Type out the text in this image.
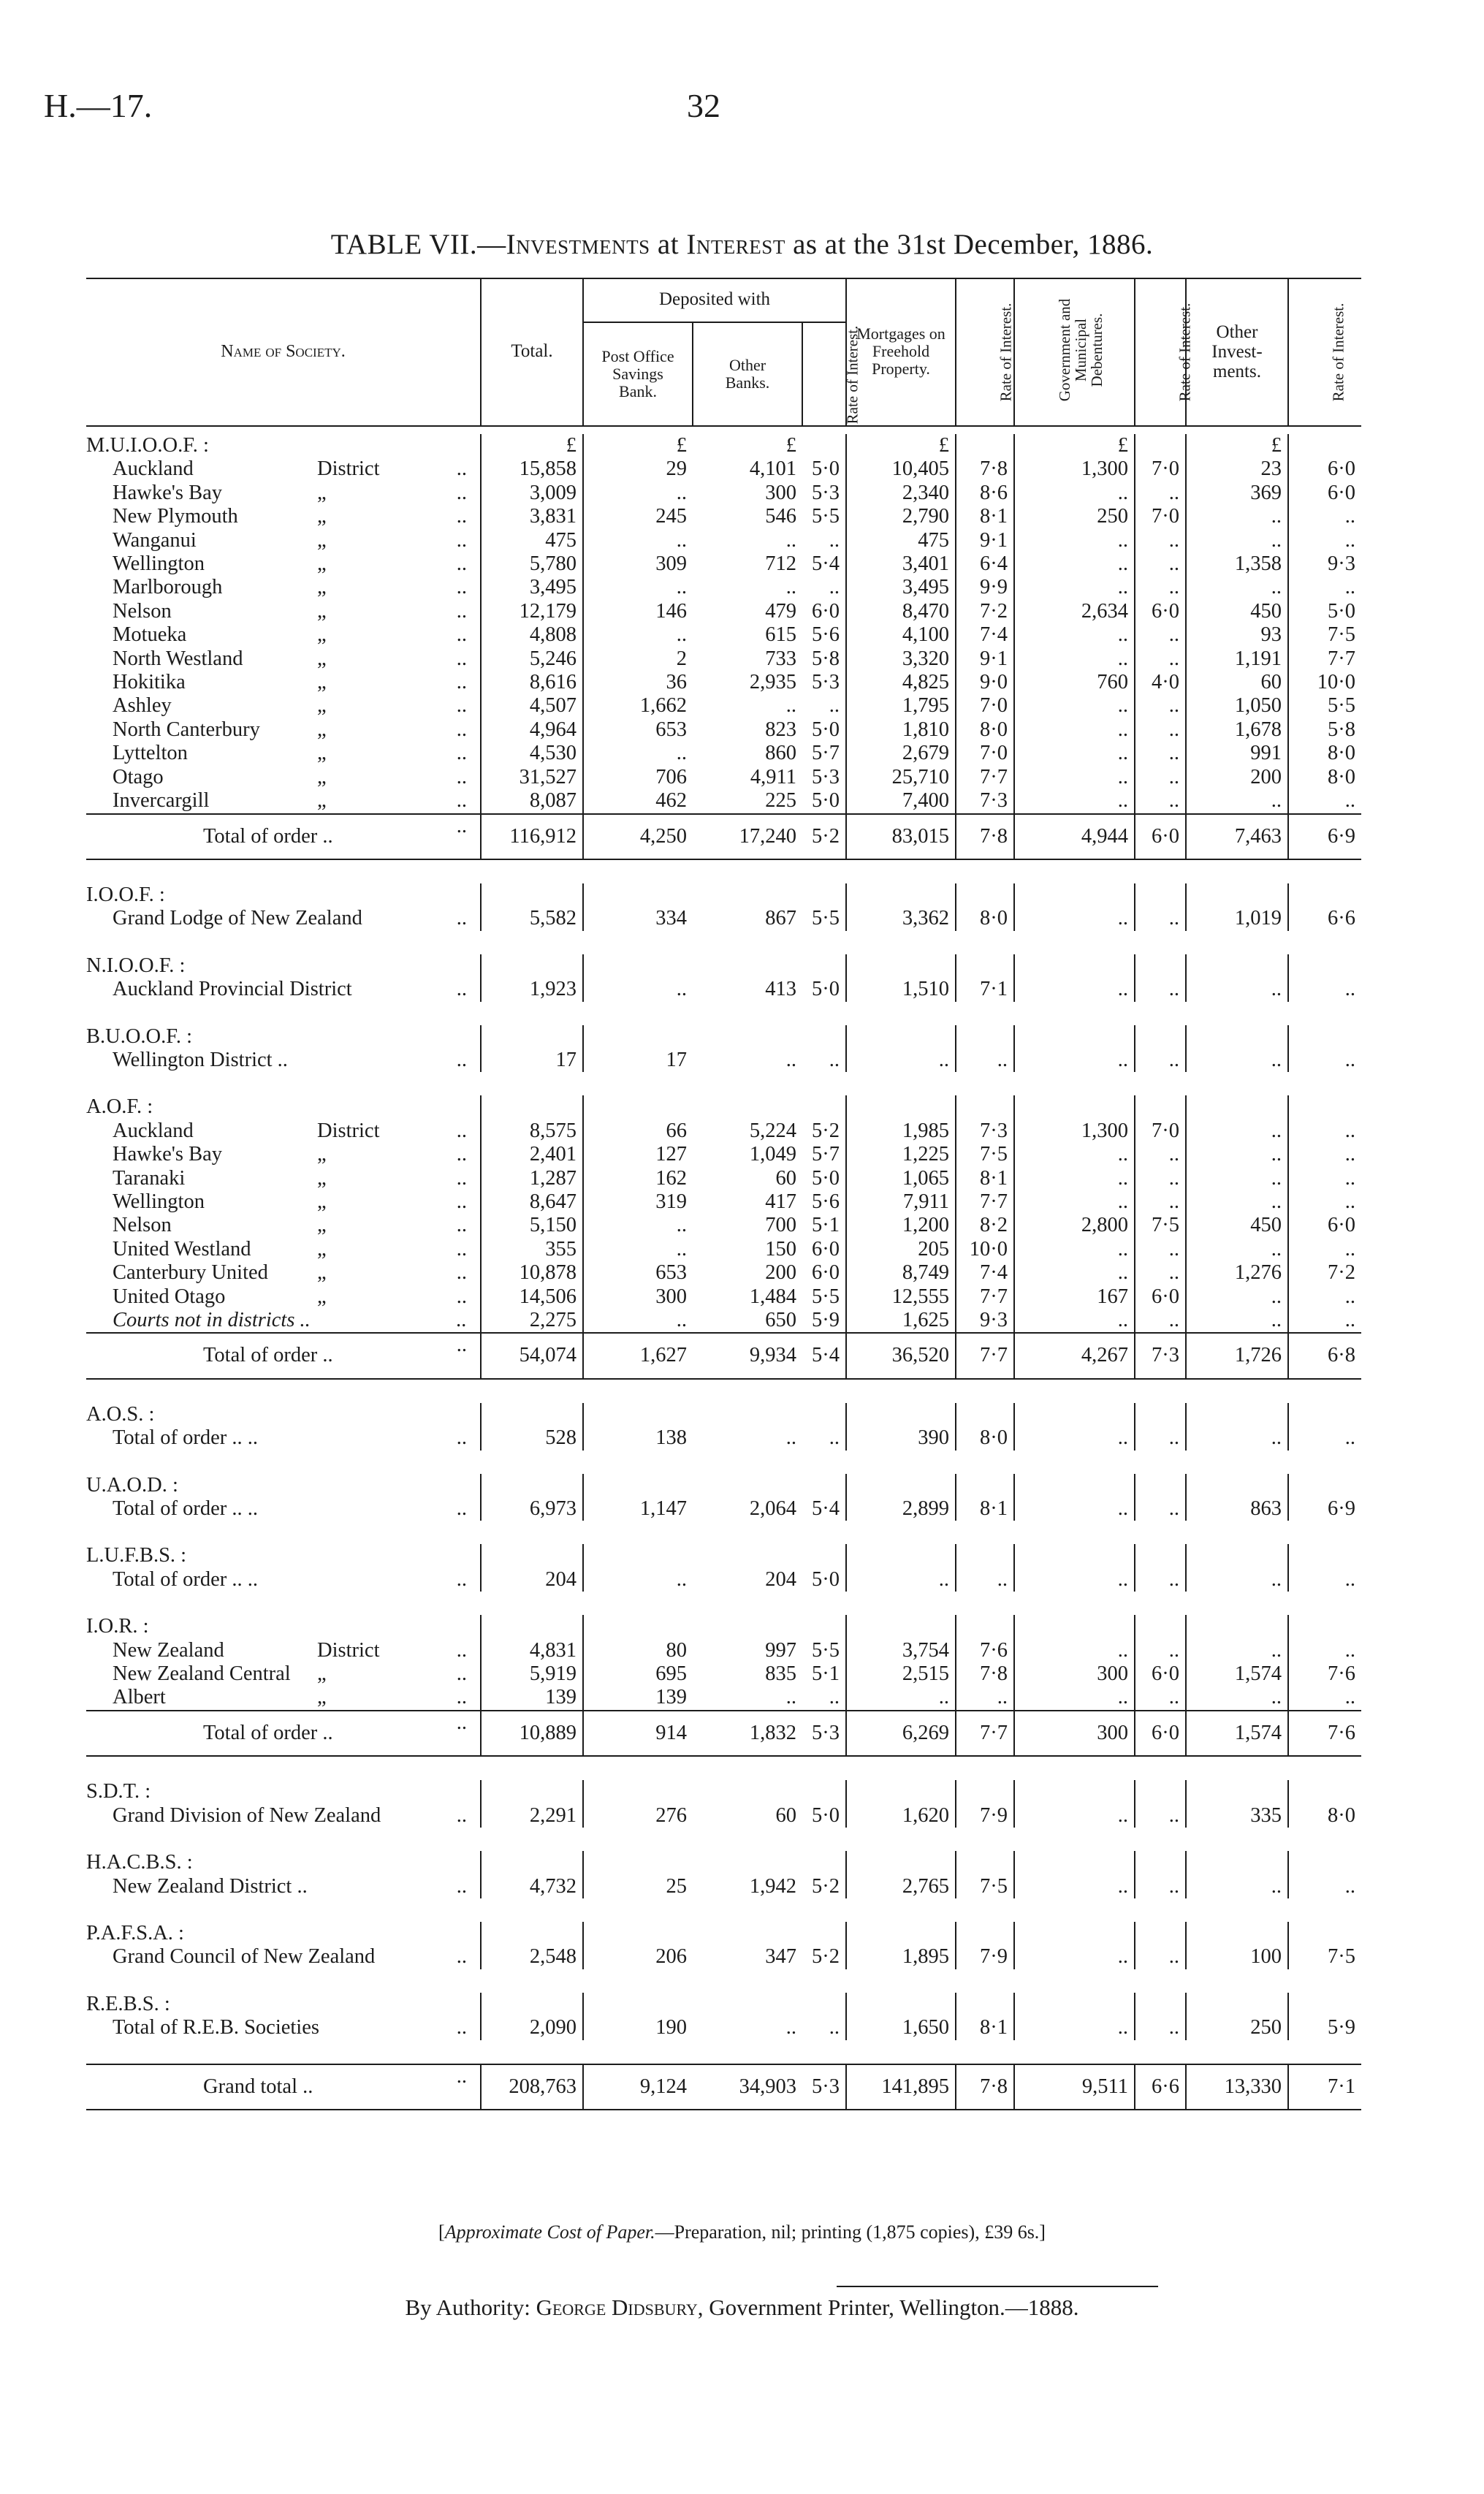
H.—17.	32
TABLE VII.—Investments at Interest as at the 31st December, 1886.
Name of Society.	Total.	Deposited with			Mortgages on Freehold Property.	Rate of Interest.	Government and Municipal Debentures.	Rate of Interest.	Other Invest- ments.	Rate of Interest.
		Post Office Savings Bank.	Other Banks.	Rate of Interest.						

M.U.I.O.O.F. :	£	£	£		£		£		£	
Auckland District ..	15,858	29	4,101	5·0	10,405	7·8	1,300	7·0	23	6·0
Hawke's Bay „ ..	3,009	..	300	5·3	2,340	8·6	..	..	369	6·0
New Plymouth „ ..	3,831	245	546	5·5	2,790	8·1	250	7·0	..	..
Wanganui „ ..	475	..	..	..	475	9·1	..	..	..	..
Wellington „ ..	5,780	309	712	5·4	3,401	6·4	..	..	1,358	9·3
Marlborough „ ..	3,495	..	..	..	3,495	9·9	..	..	..	..
Nelson „ ..	12,179	146	479	6·0	8,470	7·2	2,634	6·0	450	5·0
Motueka „ ..	4,808	..	615	5·6	4,100	7·4	..	..	93	7·5
North Westland „ ..	5,246	2	733	5·8	3,320	9·1	..	..	1,191	7·7
Hokitika „ ..	8,616	36	2,935	5·3	4,825	9·0	760	4·0	60	10·0
Ashley „ ..	4,507	1,662	..	..	1,795	7·0	..	..	1,050	5·5
North Canterbury „ ..	4,964	653	823	5·0	1,810	8·0	..	..	1,678	5·8
Lyttelton „ ..	4,530	..	860	5·7	2,679	7·0	..	..	991	8·0
Otago „ ..	31,527	706	4,911	5·3	25,710	7·7	..	..	200	8·0
Invercargill „ ..	8,087	462	225	5·0	7,400	7·3	..	..	..	..
Total of order .. ..	116,912	4,250	17,240	5·2	83,015	7·8	4,944	6·0	7,463	6·9

I.O.O.F. :										
Grand Lodge of New Zealand ..	5,582	334	867	5·5	3,362	8·0	..	..	1,019	6·6

N.I.O.O.F. :										
Auckland Provincial District ..	1,923	..	413	5·0	1,510	7·1	..	..	..	..

B.U.O.O.F. :										
Wellington District .. ..	17	17	..	..	..	..	..	..	..	..

A.O.F. :										
Auckland District ..	8,575	66	5,224	5·2	1,985	7·3	1,300	7·0	..	..
Hawke's Bay „ ..	2,401	127	1,049	5·7	1,225	7·5	..	..	..	..
Taranaki „ ..	1,287	162	60	5·0	1,065	8·1	..	..	..	..
Wellington „ ..	8,647	319	417	5·6	7,911	7·7	..	..	..	..
Nelson „ ..	5,150	..	700	5·1	1,200	8·2	2,800	7·5	450	6·0
United Westland „ ..	355	..	150	6·0	205	10·0	..	..	..	..
Canterbury United „ ..	10,878	653	200	6·0	8,749	7·4	..	..	1,276	7·2
United Otago „ ..	14,506	300	1,484	5·5	12,555	7·7	167	6·0	..	..
Courts not in districts .. ..	2,275	..	650	5·9	1,625	9·3	..	..	..	..
Total of order .. ..	54,074	1,627	9,934	5·4	36,520	7·7	4,267	7·3	1,726	6·8

A.O.S. :										
Total of order .. .. ..	528	138	..	..	390	8·0	..	..	..	..

U.A.O.D. :										
Total of order .. .. ..	6,973	1,147	2,064	5·4	2,899	8·1	..	..	863	6·9

L.U.F.B.S. :										
Total of order .. .. ..	204	..	204	5·0	..	..	..	..	..	..

I.O.R. :										
New Zealand District ..	4,831	80	997	5·5	3,754	7·6	..	..	..	..
New Zealand Central „ ..	5,919	695	835	5·1	2,515	7·8	300	6·0	1,574	7·6
Albert „ ..	139	139	..	..	..	..	..	..	..	..
Total of order .. ..	10,889	914	1,832	5·3	6,269	7·7	300	6·0	1,574	7·6

S.D.T. :										
Grand Division of New Zealand ..	2,291	276	60	5·0	1,620	7·9	..	..	335	8·0

H.A.C.B.S. :										
New Zealand District .. ..	4,732	25	1,942	5·2	2,765	7·5	..	..	..	..

P.A.F.S.A. :										
Grand Council of New Zealand ..	2,548	206	347	5·2	1,895	7·9	..	..	100	7·5

R.E.B.S. :										
Total of R.E.B. Societies ..	2,090	190	..	..	1,650	8·1	..	..	250	5·9

Grand total .. ..	208,763	9,124	34,903	5·3	141,895	7·8	9,511	6·6	13,330	7·1
[Approximate Cost of Paper.—Preparation, nil; printing (1,875 copies), £39 6s.]
By Authority: George Didsbury, Government Printer, Wellington.—1888.
